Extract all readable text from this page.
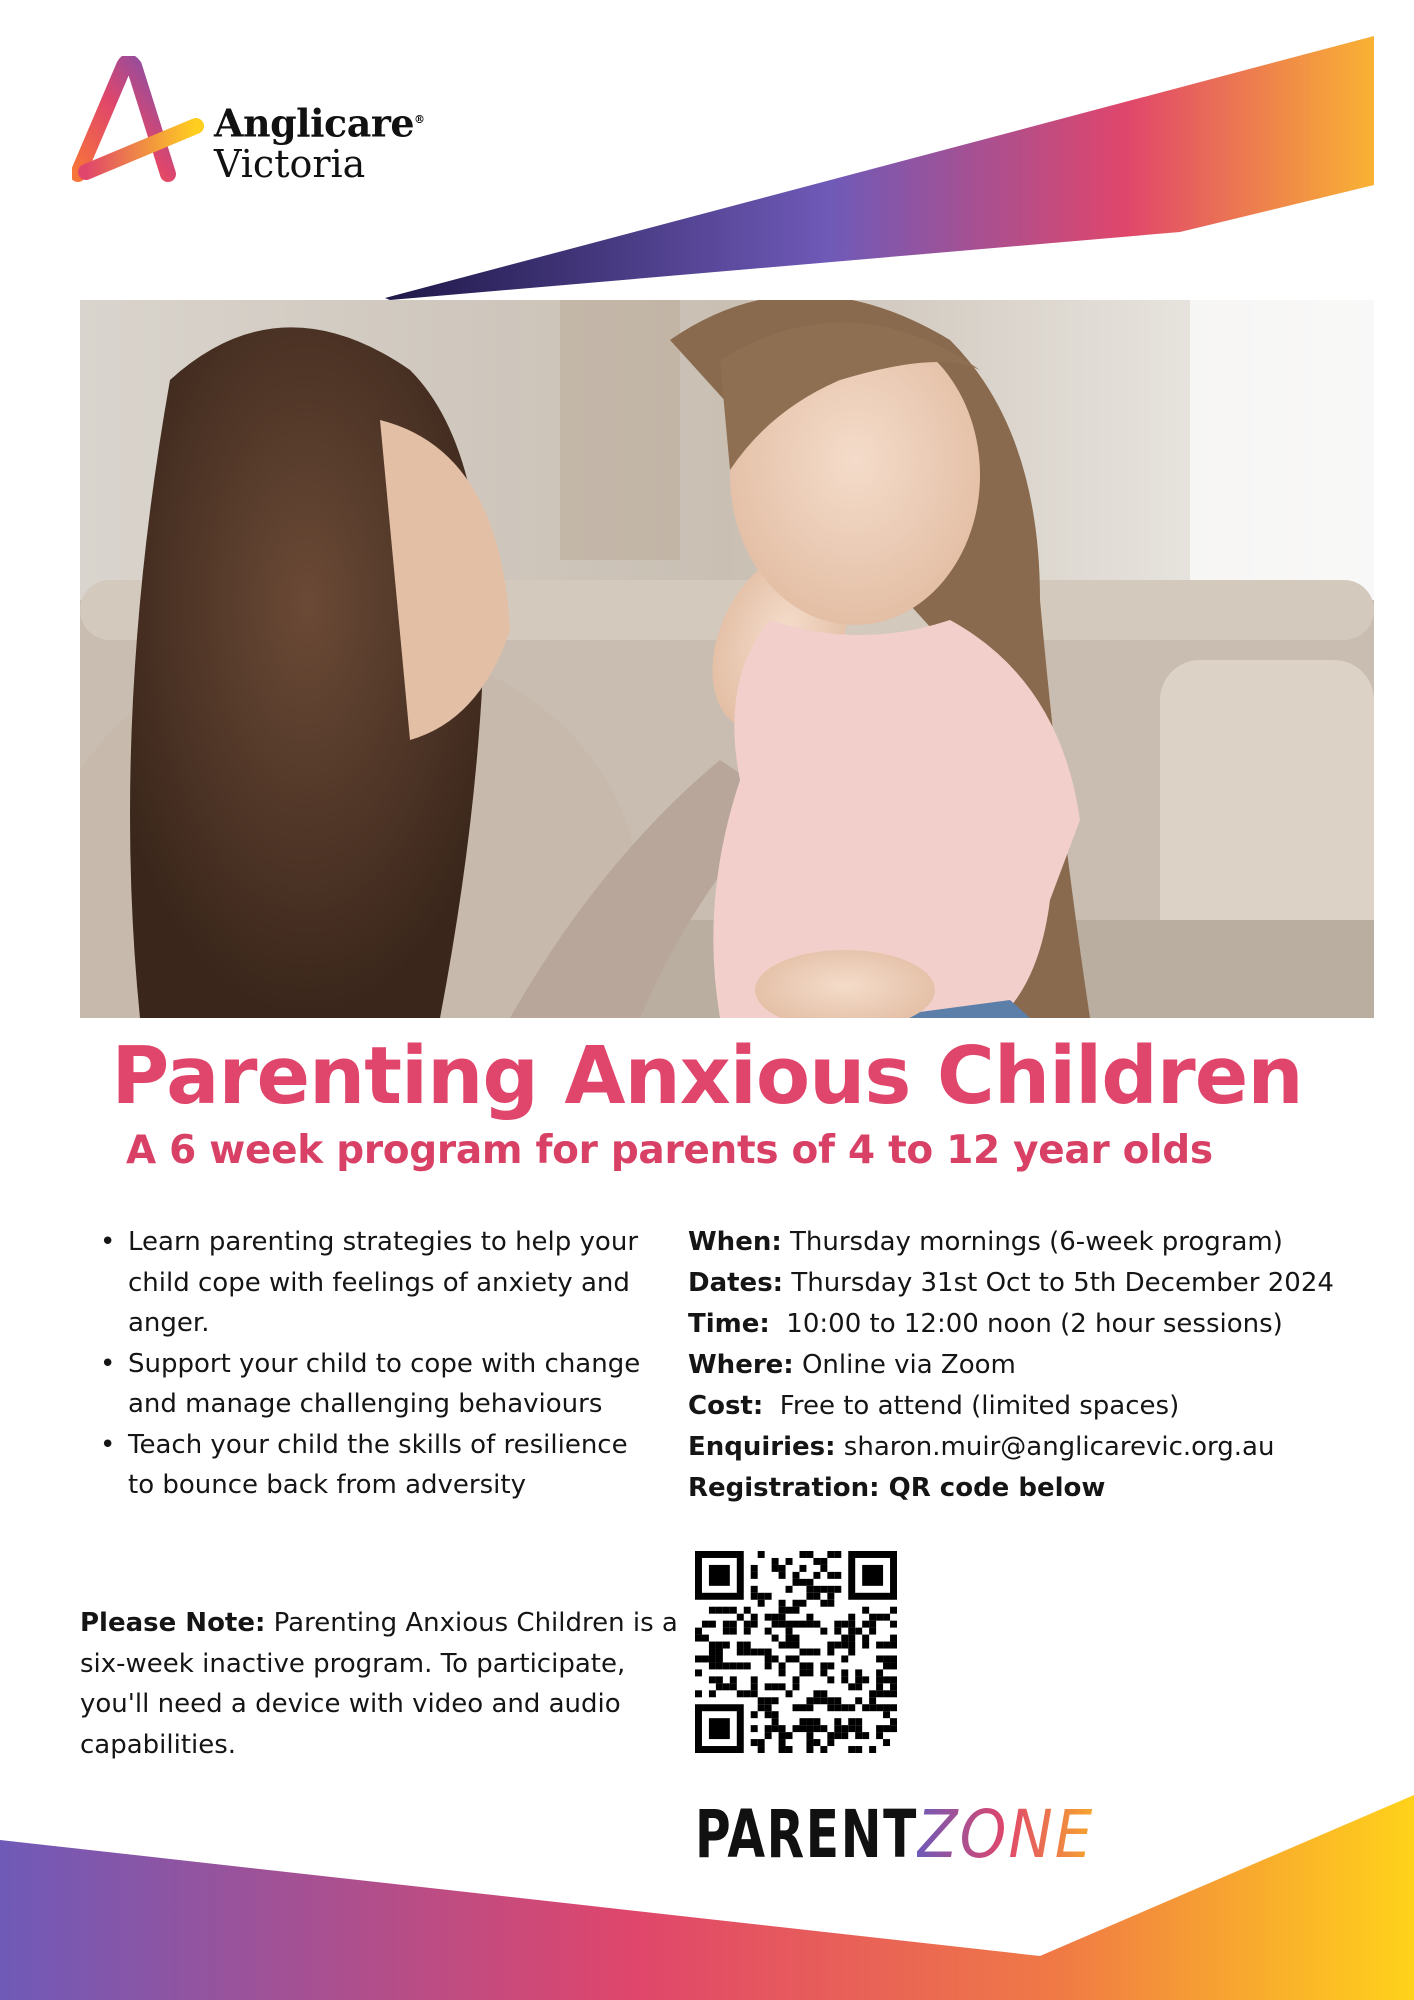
Anglicare®
Victoria
Parenting Anxious Children
A 6 week program for parents of 4 to 12 year olds
• Learn parenting strategies to help your child cope with feelings of anxiety and anger.
• Support your child to cope with change and manage challenging behaviours
• Teach your child the skills of resilience to bounce back from adversity

Please Note: Parenting Anxious Children is a six-week inactive program. To participate, you'll need a device with video and audio capabilities.

When: Thursday mornings (6-week program)
Dates: Thursday 31st Oct to 5th December 2024
Time:  10:00 to 12:00 noon (2 hour sessions)
Where: Online via Zoom
Cost:  Free to attend (limited spaces)
Enquiries: sharon.muir@anglicarevic.org.au
Registration: QR code below
PARENTZONE
